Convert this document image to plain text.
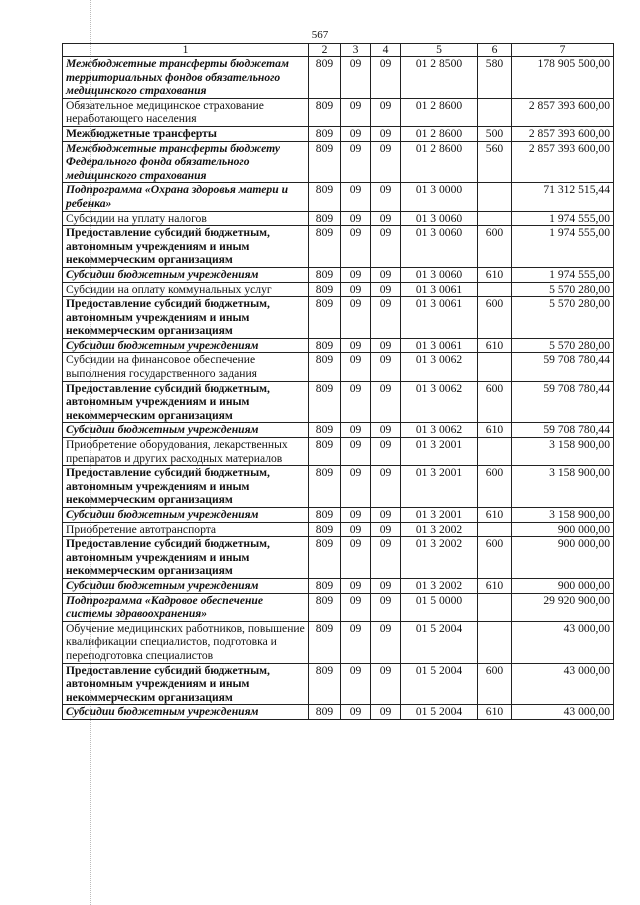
567
1	2	3	4	5	6	7
Межбюджетные трансферты бюджетам территориальных фондов обязательного медицинского страхования	809	09	09	01 2 8500	580	178 905 500,00
Обязательное медицинское страхование неработающего населения	809	09	09	01 2 8600		2 857 393 600,00
Межбюджетные трансферты	809	09	09	01 2 8600	500	2 857 393 600,00
Межбюджетные трансферты бюджету Федерального фонда обязательного медицинского страхования	809	09	09	01 2 8600	560	2 857 393 600,00
Подпрограмма «Охрана здоровья матери и ребенка»	809	09	09	01 3 0000		71 312 515,44
Субсидии на уплату налогов	809	09	09	01 3 0060		1 974 555,00
Предоставление субсидий бюджетным, автономным учреждениям и иным некоммерческим организациям	809	09	09	01 3 0060	600	1 974 555,00
Субсидии бюджетным учреждениям	809	09	09	01 3 0060	610	1 974 555,00
Субсидии на оплату коммунальных услуг	809	09	09	01 3 0061		5 570 280,00
Предоставление субсидий бюджетным, автономным учреждениям и иным некоммерческим организациям	809	09	09	01 3 0061	600	5 570 280,00
Субсидии бюджетным учреждениям	809	09	09	01 3 0061	610	5 570 280,00
Субсидии на финансовое обеспечение выполнения государственного задания	809	09	09	01 3 0062		59 708 780,44
Предоставление субсидий бюджетным, автономным учреждениям и иным некоммерческим организациям	809	09	09	01 3 0062	600	59 708 780,44
Субсидии бюджетным учреждениям	809	09	09	01 3 0062	610	59 708 780,44
Приобретение оборудования, лекарственных препаратов и других расходных материалов	809	09	09	01 3 2001		3 158 900,00
Предоставление субсидий бюджетным, автономным учреждениям и иным некоммерческим организациям	809	09	09	01 3 2001	600	3 158 900,00
Субсидии бюджетным учреждениям	809	09	09	01 3 2001	610	3 158 900,00
Приобретение автотранспорта	809	09	09	01 3 2002		900 000,00
Предоставление субсидий бюджетным, автономным учреждениям и иным некоммерческим организациям	809	09	09	01 3 2002	600	900 000,00
Субсидии бюджетным учреждениям	809	09	09	01 3 2002	610	900 000,00
Подпрограмма «Кадровое обеспечение системы здравоохранения»	809	09	09	01 5 0000		29 920 900,00
Обучение медицинских работников, повышение квалификации специалистов, подготовка и переподготовка специалистов	809	09	09	01 5 2004		43 000,00
Предоставление субсидий бюджетным, автономным учреждениям и иным некоммерческим организациям	809	09	09	01 5 2004	600	43 000,00
Субсидии бюджетным учреждениям	809	09	09	01 5 2004	610	43 000,00
